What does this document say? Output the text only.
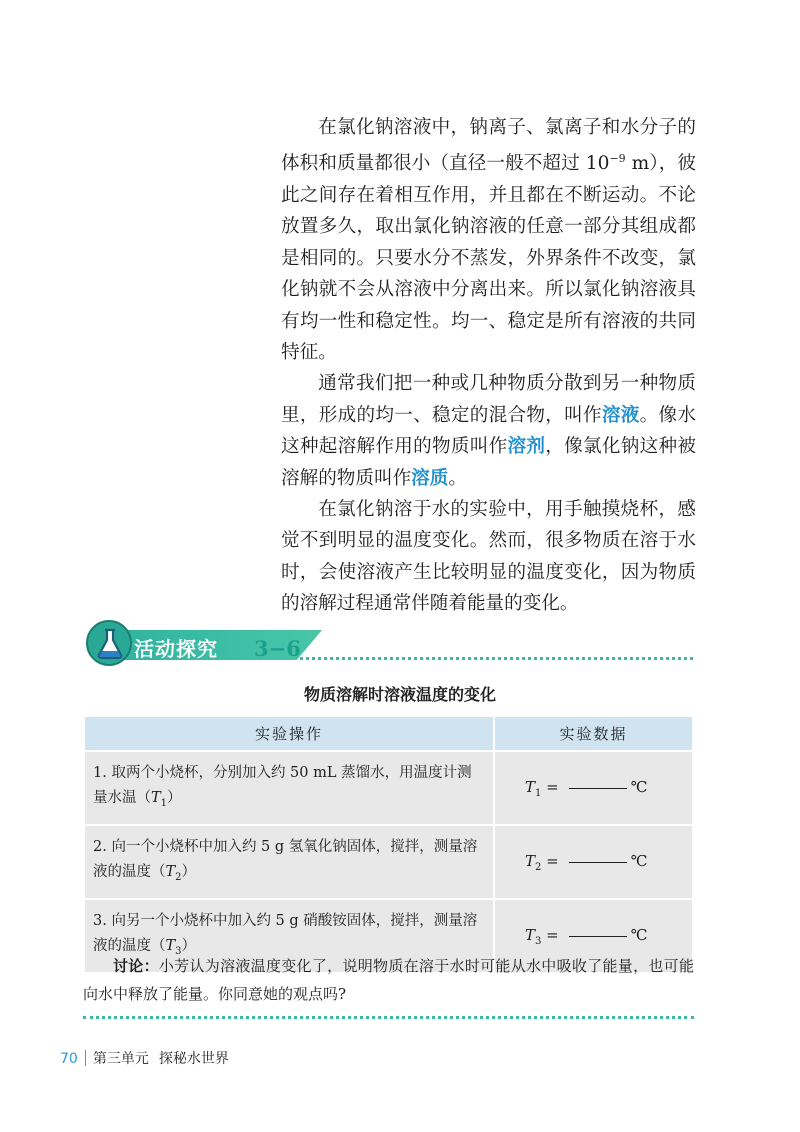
在氯化钠溶液中，钠离子、氯离子和水分子的体积和质量都很小（直径一般不超过 $10^{-9}$ m），彼此之间存在着相互作用，并且都在不断运动。不论放置多久，取出氯化钠溶液的任意一部分其组成都是相同的。只要水分不蒸发，外界条件不改变，氯化钠就不会从溶液中分离出来。所以氯化钠溶液具有均一性和稳定性。均一、稳定是所有溶液的共同特征。

通常我们把一种或几种物质分散到另一种物质里，形成的均一、稳定的混合物，叫作溶液。像水这种起溶解作用的物质叫作溶剂，像氯化钠这种被溶解的物质叫作溶质。

在氯化钠溶于水的实验中，用手触摸烧杯，感觉不到明显的温度变化。然而，很多物质在溶于水时，会使溶液产生比较明显的温度变化，因为物质的溶解过程通常伴随着能量的变化。

活动探究 3−6
物质溶解时溶液温度的变化
实验操作	实验数据
1. 取两个小烧杯，分别加入约 50 mL 蒸馏水，用温度计测量水温$(T_1)$	$T_1$ = ℃
2. 向一个小烧杯中加入约 5 g 氢氧化钠固体，搅拌，测量溶液的温度$(T_2)$	$T_2$ = ℃
3. 向另一个小烧杯中加入约 5 g 硝酸铵固体，搅拌，测量溶液的温度$(T_3)$	$T_3$ = ℃
讨论：小芳认为溶液温度变化了，说明物质在溶于水时可能从水中吸收了能量，也可能向水中释放了能量。你同意她的观点吗?
70 第三单元 探秘水世界
